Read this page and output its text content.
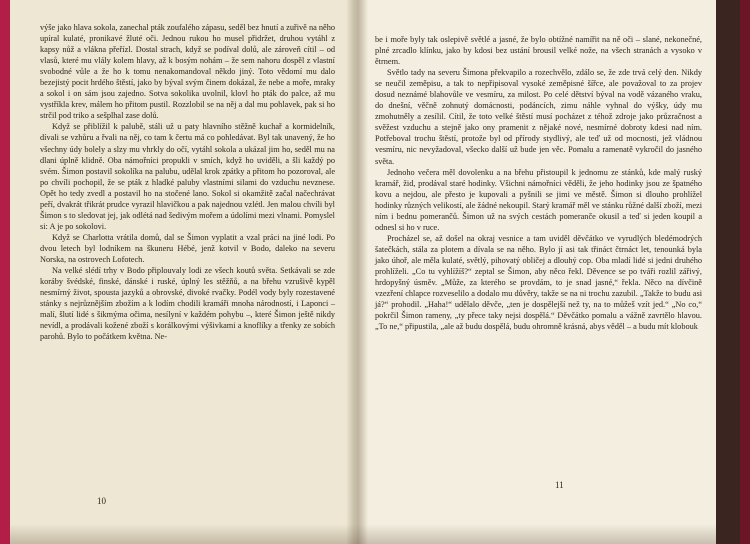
výše jako hlava sokola, zanechal pták zoufalého zápasu, seděl bez hnutí a zuřivě na něho upíral kulaté, pronikavé žluté oči. Jednou rukou ho musel přidržet, druhou vytáhl z kapsy nůž a vlákna přeřízl. Dostal strach, když se podíval dolů, ale zároveň cítil – od vlasů, které mu vlály kolem hlavy, až k bosým nohám – že sem nahoru dospěl z vlastní svobodné vůle a že ho k tomu nenakomandoval někdo jiný. Toto vědomí mu dalo bezejistý pocit hrdého štěstí, jako by býval svým činem dokázal, že nebe a moře, mraky a sokol i on sám jsou zajedno. Sotva sokolika uvolnil, klovl ho pták do palce, až mu vystříkla krev, málem ho přitom pustil. Rozzlobil se na něj a dal mu pohlavek, pak si ho strčil pod triko a sešplhal zase dolů.

Když se přiblížil k palubě, stáli už u paty hlavního stěžně kuchař a kormidelník, dívali se vzhůru a řvali na něj, co tam k čertu má co pohledávat. Byl tak unavený, že ho všechny údy bolely a slzy mu vhrkly do očí, vytáhl sokola a ukázal jim ho, seděl mu na dlani úplně klidně. Oba námořníci propukli v smích, když ho uviděli, a šli každý po svém. Šimon postavil sokolíka na palubu, udělal krok zpátky a přitom ho pozoroval, ale po chvíli pochopil, že se pták z hladké paluby vlastními silami do vzduchu nevznese. Opět ho tedy zvedl a postavil ho na stočené lano. Sokol si okamžitě začal načechrávat peří, dvakrát třikrát prudce vyrazil hlavičkou a pak najednou vzlétl. Jen malou chvíli byl Šimon s to sledovat jej, jak odlétá nad šedivým mořem a údolími mezi vlnami. Pomyslel si: A je po sokolovi.

Když se Charlotta vrátila domů, dal se Šimon vyplatit a vzal práci na jiné lodi. Po dvou letech byl lodníkem na škuneru Hébé, jenž kotvil v Bodo, daleko na severu Norska, na ostrovech Lofotech.

Na velké slédí trhy v Bodo připlouvaly lodi ze všech koutů světa. Setkávali se zde koráby švédské, finské, dánské i ruské, úplný les stěžňů, a na břehu vzrušivě kypěl nesmírný život, spousta jazyků a obrovské, divoké rvačky. Podél vody byly rozestavené stánky s nejrůznějším zbožím a k lodím chodili kramáři mnoha národností, i Laponci – malí, šlutí lidé s šikmýma očima, nesílyní v každém pohybu –, které Šimon ještě nikdy nevídl, a prodávali kožené zboží s korálkovými výšivkami a knoflíky a třenky ze sobích parohů. Bylo to počátkem května. Ne-

10

be i moře byly tak oslepivě světlé a jasné, že bylo obtížné namířit na ně oči – slané, nekonečné, plné zrcadlo klínku, jako by kdosi bez ustání brousil velké nože, na všech stranách a vysoko v ětrnem.

Světlo tady na severu Šimona překvapilo a rozechvělo, zdálo se, že zde trvá celý den. Nikdy se neučil zeměpisu, a tak to nepřipisoval vysoké zeměpisné šířce, ale považoval to za projev dosud neznámé blahovůle ve vesmíru, za milost. Po celé dětství býval na vodě vázaného vraku, do dnešní, věčně zohnutý domácnosti, podáncích, zimu náhle vyhnal do výšky, údy mu zmohutněly a zesílil. Cítil, že toto velké štěstí musí pocházet z téhož zdroje jako průzračnost a svěžest vzduchu a stejně jako ony pramenit z nějaké nové, nesmírné dobroty kdesi nad ním. Potřeboval trochu štěstí, protože byl od přírody stydlivý, ale teď už od mocnosti, jež vládnou vesmíru, nic nevyžadoval, všecko další už bude jen věc. Pomalu a ramenatě vykročil do jasného světa.

Jednoho večera měl dovolenku a na břehu přistoupil k jednomu ze stánků, kde malý ruský kramář, žid, prodával staré hodinky. Všichni námořníci věděli, že jeho hodinky jsou ze špatného kovu a nejdou, ale přesto je kupovali a pyšnili se jimi ve městě. Šimon si dlouho prohlížel hodinky různých velikostí, ale žádné nekoupil. Starý kramář měl ve stánku růžné další zboží, mezi ním i bednu pomerančů. Šimon už na svých cestách pomeranče okusil a teď si jeden koupil a odnesl si ho v ruce.

Procházel se, až došel na okraj vesnice a tam uviděl děvčátko ve vyrudlých bledémodrých šatečkách, stála za plotem a dívala se na něho. Bylo jí asi tak třináct čtrnáct let, tenounká byla jako úhoř, ale měla kulaté, světlý, pihovatý obličej a dlouhý cop. Oba mladí lidé si jedni druhého prohlíželi. „Co tu vyhlížíš?“ zeptal se Šimon, aby něco řekl. Děvence se po tváři rozlil zářivý, hrdopyšný úsměv. „Může, za kterého se provdám, to je snad jasné,“ řekla. Něco na dívčině vzezření chlapce rozveselilo a dodalo mu důvěry, takže se na ni trochu zazubil. „Takže to budu asi já?“ prohodil. „Haha!“ udělalo děvče, „ten je dospělejší než ty, na to můžeš vzít jed.“ „No co,“ pokrčil Šimon rameny, „ty přece taky nejsi dospělá.“ Děvčátko pomalu a vážně zavrtělo hlavou. „To ne,“ připustila, „ale až budu dospělá, budu ohromně krásná, abys věděl – a budu mít klobouk

11
